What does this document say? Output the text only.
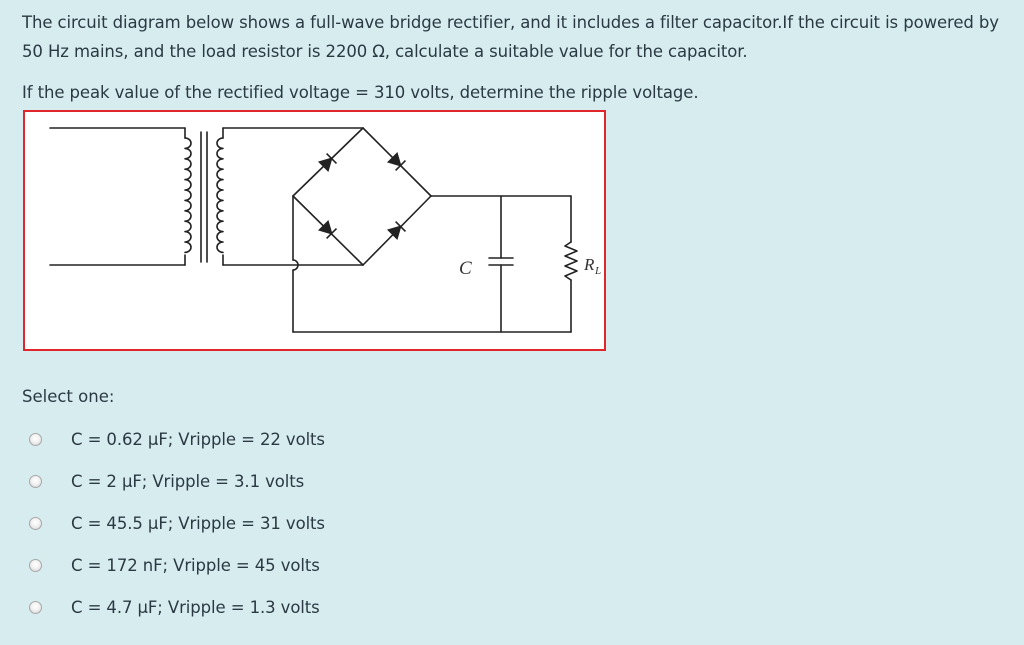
The circuit diagram below shows a full-wave bridge rectifier, and it includes a filter capacitor.If the circuit is powered by 50 Hz mains, and the load resistor is 2200 Ω, calculate a suitable value for the capacitor.
If the peak value of the rectified voltage = 310 volts, determine the ripple voltage.
C	R L
Select one:
C = 0.62 μF; Vripple = 22 volts
C = 2 μF; Vripple = 3.1 volts
C = 45.5 μF; Vripple = 31 volts
C = 172 nF; Vripple = 45 volts
C = 4.7 μF; Vripple = 1.3 volts
